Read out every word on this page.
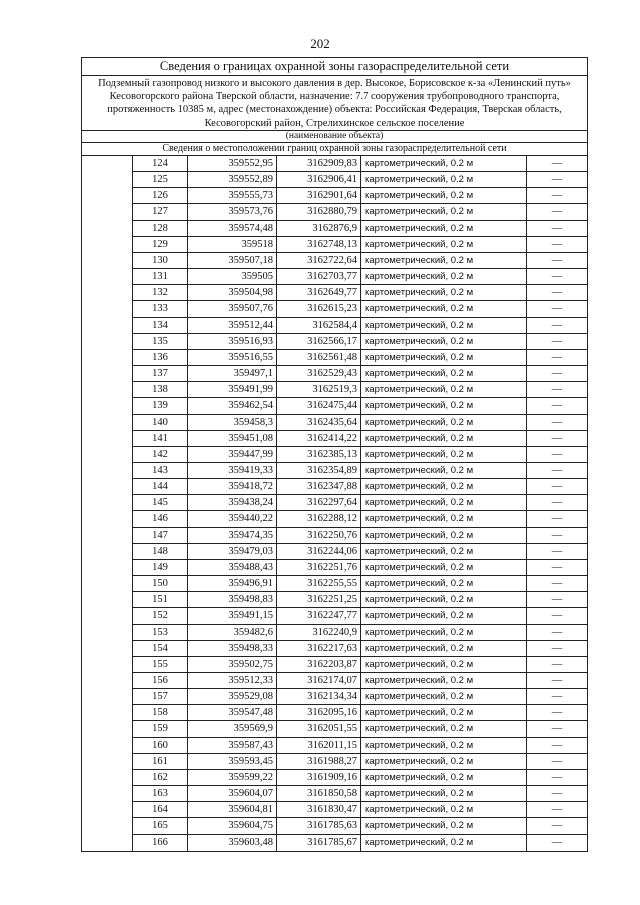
202
Сведения о границах охранной зоны газораспределительной сети
Подземный газопровод низкого и высокого давления в дер. Высокое, Борисовское к-за «Ленинский путь» Кесовогорского района Тверской области, назначение: 7.7 сооружения трубопроводного транспорта, протяженность 10385 м, адрес (местонахождение) объекта: Российская Федерация, Тверская область, Кесовогорский район, Стрелихинское сельское поселение
(наименование объекта)
Сведения о местоположении границ охранной зоны газораспределительной сети
124	359552,95	3162909,83 картометрический, 0.2 м	—
125	359552,89	3162906,41 картометрический, 0.2 м	—
126	359555,73	3162901,64 картометрический, 0.2 м	—
127	359573,76	3162880,79 картометрический, 0.2 м	—
128	359574,48	3162876,9 картометрический, 0.2 м	—
129	359518	3162748,13 картометрический, 0.2 м	—
130	359507,18	3162722,64 картометрический, 0.2 м	—
131	359505	3162703,77 картометрический, 0.2 м	—
132	359504,98	3162649,77 картометрический, 0.2 м	—
133	359507,76	3162615,23 картометрический, 0.2 м	—
134	359512,44	3162584,4 картометрический, 0.2 м	—
135	359516,93	3162566,17 картометрический, 0.2 м	—
136	359516,55	3162561,48 картометрический, 0.2 м	—
137	359497,1	3162529,43 картометрический, 0.2 м	—
138	359491,99	3162519,3 картометрический, 0.2 м	—
139	359462,54	3162475,44 картометрический, 0.2 м	—
140	359458,3	3162435,64 картометрический, 0.2 м	—
141	359451,08	3162414,22 картометрический, 0.2 м	—
142	359447,99	3162385,13 картометрический, 0.2 м	—
143	359419,33	3162354,89 картометрический, 0.2 м	—
144	359418,72	3162347,88 картометрический, 0.2 м	—
145	359438,24	3162297,64 картометрический, 0.2 м	—
146	359440,22	3162288,12 картометрический, 0.2 м	—
147	359474,35	3162250,76 картометрический, 0.2 м	—
148	359479,03	3162244,06 картометрический, 0.2 м	—
149	359488,43	3162251,76 картометрический, 0.2 м	—
150	359496,91	3162255,55 картометрический, 0.2 м	—
151	359498,83	3162251,25 картометрический, 0.2 м	—
152	359491,15	3162247,77 картометрический, 0.2 м	—
153	359482,6	3162240,9 картометрический, 0.2 м	—
154	359498,33	3162217,63 картометрический, 0.2 м	—
155	359502,75	3162203,87 картометрический, 0.2 м	—
156	359512,33	3162174,07 картометрический, 0.2 м	—
157	359529,08	3162134,34 картометрический, 0.2 м	—
158	359547,48	3162095,16 картометрический, 0.2 м	—
159	359569,9	3162051,55 картометрический, 0.2 м	—
160	359587,43	3162011,15 картометрический, 0.2 м	—
161	359593,45	3161988,27 картометрический, 0.2 м	—
162	359599,22	3161909,16 картометрический, 0.2 м	—
163	359604,07	3161850,58 картометрический, 0.2 м	—
164	359604,81	3161830,47 картометрический, 0.2 м	—
165	359604,75	3161785,63 картометрический, 0.2 м	—
166	359603,48	3161785,67 картометрический, 0.2 м	—
